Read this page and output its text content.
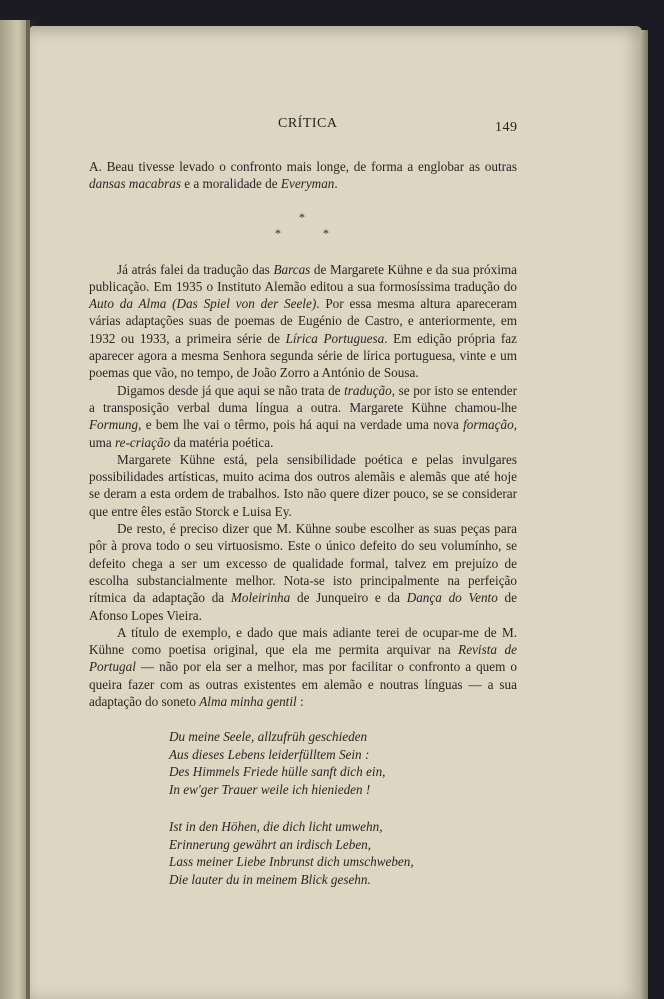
CRÍTICA	149

A. Beau tivesse levado o confronto mais longe, de forma a englobar as outras dansas macabras e a moralidade de Everyman.

*
*	*

Já atrás falei da tradução das Barcas de Margarete Kühne e da sua próxima publicação. Em 1935 o Instituto Alemão editou a sua formosíssima tradução do Auto da Alma (Das Spiel von der Seele). Por essa mesma altura apareceram várias adaptações suas de poemas de Eugénio de Castro, e anteriormente, em 1932 ou 1933, a primeira série de Lírica Portuguesa. Em edição própria faz aparecer agora a mesma Senhora segunda série de lírica portuguesa, vinte e um poemas que vão, no tempo, de João Zorro a António de Sousa.

Digamos desde já que aqui se não trata de tradução, se por isto se entender a transposição verbal duma língua a outra. Margarete Kühne chamou-lhe Formung, e bem lhe vai o têrmo, pois há aqui na verdade uma nova formação, uma re-criação da matéria poética.

Margarete Kühne está, pela sensibilidade poética e pelas invulgares possibilidades artísticas, muito acima dos outros alemãis e alemãs que até hoje se deram a esta ordem de trabalhos. Isto não quere dizer pouco, se se considerar que entre êles estão Storck e Luisa Ey.

De resto, é preciso dizer que M. Kühne soube escolher as suas peças para pôr à prova todo o seu virtuosismo. Este o único defeito do seu volumínho, se defeito chega a ser um excesso de qualidade formal, talvez em prejuízo de escolha substancialmente melhor. Nota-se isto principalmente na perfeição rítmica da adaptação da Moleirinha de Junqueiro e da Dança do Vento de Afonso Lopes Vieira.

A título de exemplo, e dado que mais adiante terei de ocupar-me de M. Kühne como poetisa original, que ela me permita arquivar na Revista de Portugal — não por ela ser a melhor, mas por facilitar o confronto a quem o queira fazer com as outras existentes em alemão e noutras línguas — a sua adaptação do soneto Alma minha gentil :

Du meine Seele, allzufrüh geschieden
Aus dieses Lebens leiderfülltem Sein :
Des Himmels Friede hülle sanft dich ein,
In ew'ger Trauer weile ich hienieden !
Ist in den Höhen, die dich licht umwehn,
Erinnerung gewährt an irdisch Leben,
Lass meiner Liebe Inbrunst dich umschweben,
Die lauter du in meinem Blick gesehn.
